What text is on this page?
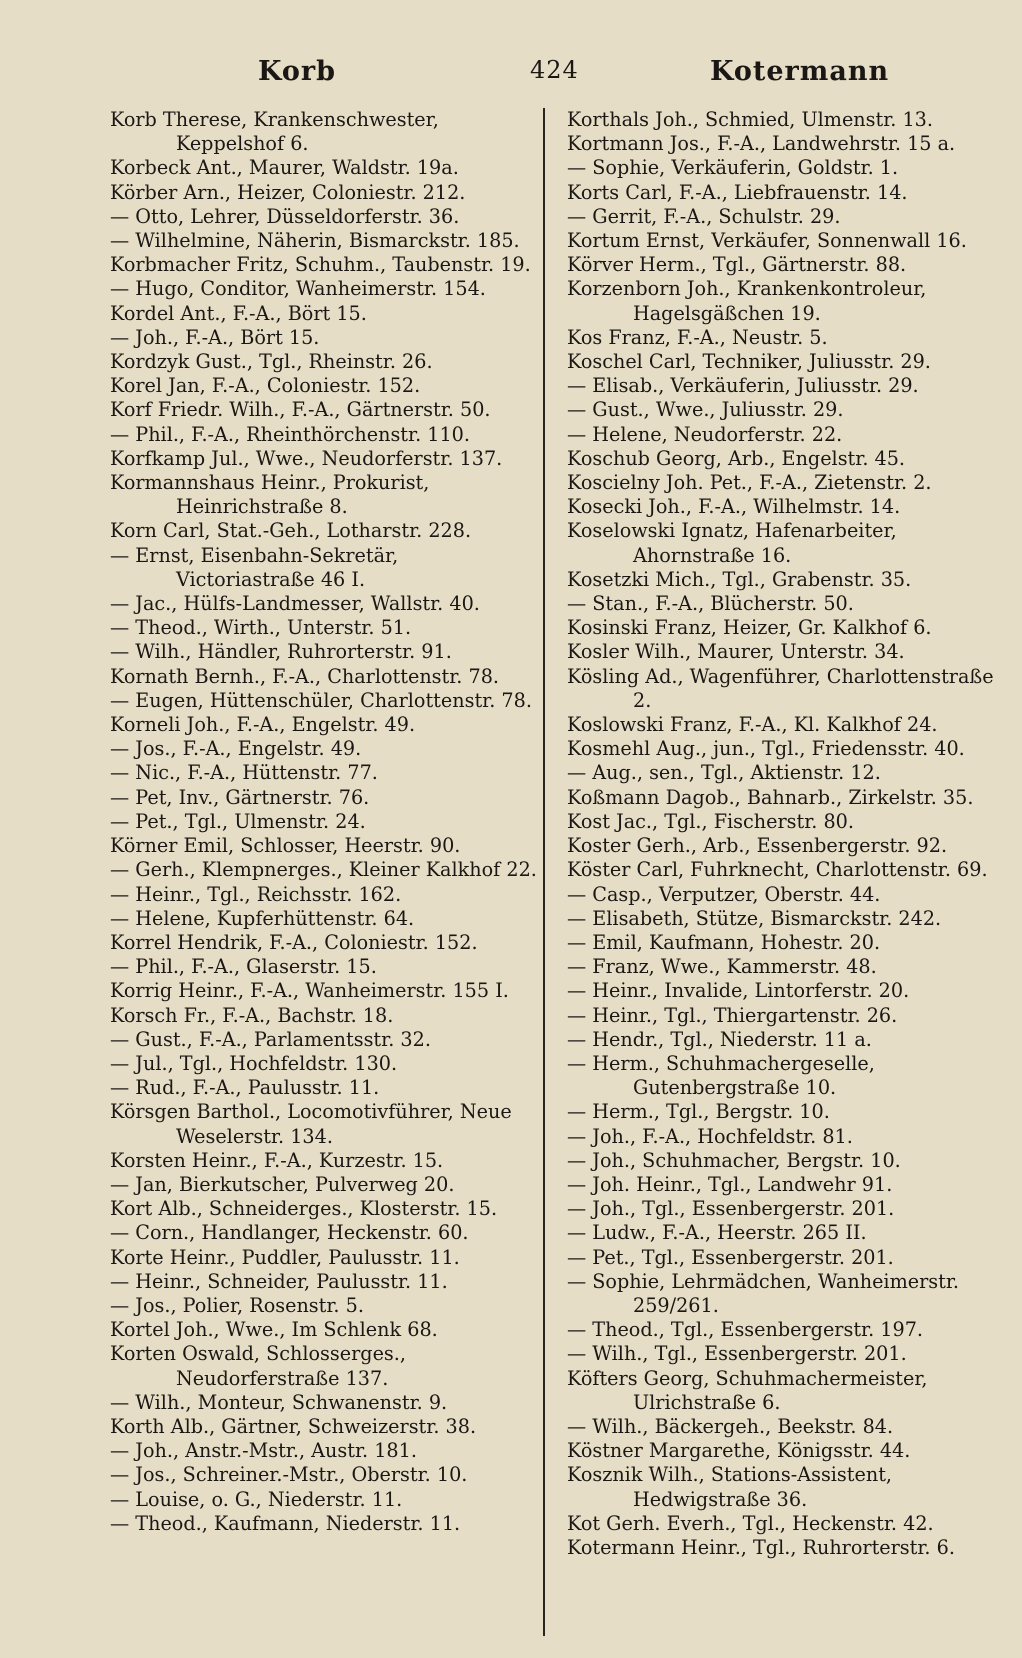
Korb	424	Kotermann

Korb Therese, Krankenschwester, Keppelshof 6.

Korbeck Ant., Maurer, Waldstr. 19a.

Körber Arn., Heizer, Coloniestr. 212.

— Otto, Lehrer, Düsseldorferstr. 36.

— Wilhelmine, Näherin, Bismarckstr. 185.

Korbmacher Fritz, Schuhm., Taubenstr. 19.

— Hugo, Conditor, Wanheimerstr. 154.

Kordel Ant., F.-A., Bört 15.

— Joh., F.-A., Bört 15.

Kordzyk Gust., Tgl., Rheinstr. 26.

Korel Jan, F.-A., Coloniestr. 152.

Korf Friedr. Wilh., F.-A., Gärtnerstr. 50.

— Phil., F.-A., Rheinthörchenstr. 110.

Korfkamp Jul., Wwe., Neudorferstr. 137.

Kormannshaus Heinr., Prokurist, Heinrichstraße 8.

Korn Carl, Stat.-Geh., Lotharstr. 228.

— Ernst, Eisenbahn-Sekretär, Victoriastraße 46 I.

— Jac., Hülfs-Landmesser, Wallstr. 40.

— Theod., Wirth., Unterstr. 51.

— Wilh., Händler, Ruhrorterstr. 91.

Kornath Bernh., F.-A., Charlottenstr. 78.

— Eugen, Hüttenschüler, Charlottenstr. 78.

Korneli Joh., F.-A., Engelstr. 49.

— Jos., F.-A., Engelstr. 49.

— Nic., F.-A., Hüttenstr. 77.

— Pet, Inv., Gärtnerstr. 76.

— Pet., Tgl., Ulmenstr. 24.

Körner Emil, Schlosser, Heerstr. 90.

— Gerh., Klempnerges., Kleiner Kalkhof 22.

— Heinr., Tgl., Reichsstr. 162.

— Helene, Kupferhüttenstr. 64.

Korrel Hendrik, F.-A., Coloniestr. 152.

— Phil., F.-A., Glaserstr. 15.

Korrig Heinr., F.-A., Wanheimerstr. 155 I.

Korsch Fr., F.-A., Bachstr. 18.

— Gust., F.-A., Parlamentsstr. 32.

— Jul., Tgl., Hochfeldstr. 130.

— Rud., F.-A., Paulusstr. 11.

Körsgen Barthol., Locomotivführer, Neue Weselerstr. 134.

Korsten Heinr., F.-A., Kurzestr. 15.

— Jan, Bierkutscher, Pulverweg 20.

Kort Alb., Schneiderges., Klosterstr. 15.

— Corn., Handlanger, Heckenstr. 60.

Korte Heinr., Puddler, Paulusstr. 11.

— Heinr., Schneider, Paulusstr. 11.

— Jos., Polier, Rosenstr. 5.

Kortel Joh., Wwe., Im Schlenk 68.

Korten Oswald, Schlosserges., Neudorferstraße 137.

— Wilh., Monteur, Schwanenstr. 9.

Korth Alb., Gärtner, Schweizerstr. 38.

— Joh., Anstr.-Mstr., Austr. 181.

— Jos., Schreiner.-Mstr., Oberstr. 10.

— Louise, o. G., Niederstr. 11.

— Theod., Kaufmann, Niederstr. 11.

Korthals Joh., Schmied, Ulmenstr. 13.

Kortmann Jos., F.-A., Landwehrstr. 15 a.

— Sophie, Verkäuferin, Goldstr. 1.

Korts Carl, F.-A., Liebfrauenstr. 14.

— Gerrit, F.-A., Schulstr. 29.

Kortum Ernst, Verkäufer, Sonnenwall 16.

Körver Herm., Tgl., Gärtnerstr. 88.

Korzenborn Joh., Krankenkontroleur, Hagelsgäßchen 19.

Kos Franz, F.-A., Neustr. 5.

Koschel Carl, Techniker, Juliusstr. 29.

— Elisab., Verkäuferin, Juliusstr. 29.

— Gust., Wwe., Juliusstr. 29.

— Helene, Neudorferstr. 22.

Koschub Georg, Arb., Engelstr. 45.

Koscielny Joh. Pet., F.-A., Zietenstr. 2.

Kosecki Joh., F.-A., Wilhelmstr. 14.

Koselowski Ignatz, Hafenarbeiter, Ahornstraße 16.

Kosetzki Mich., Tgl., Grabenstr. 35.

— Stan., F.-A., Blücherstr. 50.

Kosinski Franz, Heizer, Gr. Kalkhof 6.

Kosler Wilh., Maurer, Unterstr. 34.

Kösling Ad., Wagenführer, Charlottenstraße 2.

Koslowski Franz, F.-A., Kl. Kalkhof 24.

Kosmehl Aug., jun., Tgl., Friedensstr. 40.

— Aug., sen., Tgl., Aktienstr. 12.

Koßmann Dagob., Bahnarb., Zirkelstr. 35.

Kost Jac., Tgl., Fischerstr. 80.

Koster Gerh., Arb., Essenbergerstr. 92.

Köster Carl, Fuhrknecht, Charlottenstr. 69.

— Casp., Verputzer, Oberstr. 44.

— Elisabeth, Stütze, Bismarckstr. 242.

— Emil, Kaufmann, Hohestr. 20.

— Franz, Wwe., Kammerstr. 48.

— Heinr., Invalide, Lintorferstr. 20.

— Heinr., Tgl., Thiergartenstr. 26.

— Hendr., Tgl., Niederstr. 11 a.

— Herm., Schuhmachergeselle, Gutenbergstraße 10.

— Herm., Tgl., Bergstr. 10.

— Joh., F.-A., Hochfeldstr. 81.

— Joh., Schuhmacher, Bergstr. 10.

— Joh. Heinr., Tgl., Landwehr 91.

— Joh., Tgl., Essenbergerstr. 201.

— Ludw., F.-A., Heerstr. 265 II.

— Pet., Tgl., Essenbergerstr. 201.

— Sophie, Lehrmädchen, Wanheimerstr. 259/261.

— Theod., Tgl., Essenbergerstr. 197.

— Wilh., Tgl., Essenbergerstr. 201.

Köfters Georg, Schuhmachermeister, Ulrichstraße 6.

— Wilh., Bäckergeh., Beekstr. 84.

Köstner Margarethe, Königsstr. 44.

Kosznik Wilh., Stations-Assistent, Hedwigstraße 36.

Kot Gerh. Everh., Tgl., Heckenstr. 42.

Kotermann Heinr., Tgl., Ruhrorterstr. 6.
